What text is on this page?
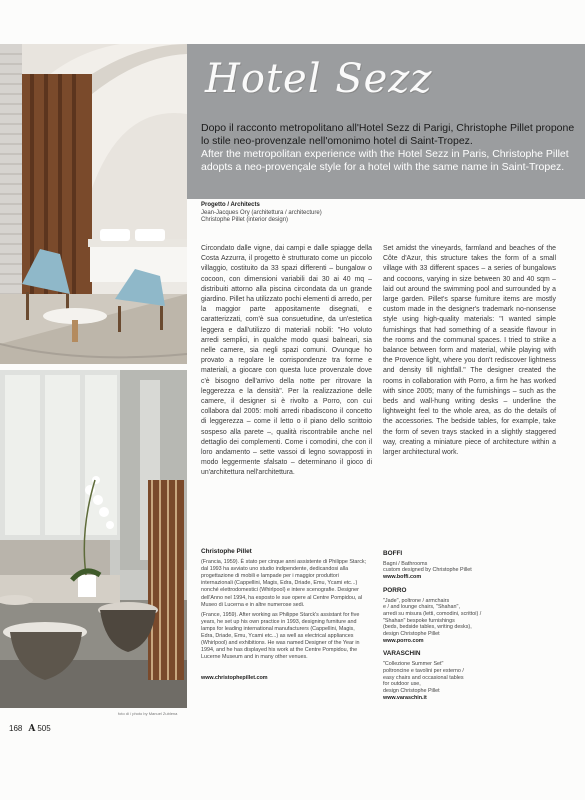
foto di / photo by Manuel Zublena
Hotel Sezz
Dopo il racconto metropolitano all'Hotel Sezz di Parigi, Christophe Pillet propone lo stile neo-provenzale nell'omonimo hotel di Saint-Tropez.
After the metropolitan experience with the Hotel Sezz in Paris, Christophe Pillet adopts a neo-provençale style for a hotel with the same name in Saint-Tropez.
Progetto / Architects
Jean-Jacques Ory (architettura / architecture)
Christophe Pillet (interior design)
Circondato dalle vigne, dai campi e dalle spiagge della Costa Azzurra, il progetto è strutturato come un piccolo villaggio, costituito da 33 spazi differenti – bungalow o cocoon, con dimensioni variabili dai 30 ai 40 mq – distribuiti attorno alla piscina circondata da un grande giardino. Pillet ha utilizzato pochi elementi di arredo, per la maggior parte appositamente disegnati, e caratterizzati, com'è sua consuetudine, da un'estetica leggera e dall'utilizzo di materiali nobili: "Ho voluto arredi semplici, in qualche modo quasi balneari, sia nelle camere, sia negli spazi comuni. Ovunque ho provato a regolare le corrispondenze tra forme e materiali, a giocare con questa luce provenzale dove c'è bisogno dell'arrivo della notte per ritrovare la leggerezza e la densità". Per la realizzazione delle camere, il designer si è rivolto a Porro, con cui collabora dal 2005: molti arredi ribadiscono il concetto di leggerezza – come il letto o il piano dello scrittoio sospeso alla parete –, qualità riscontrabile anche nel dettaglio dei complementi. Come i comodini, che con il loro andamento – sette vassoi di legno sovrapposti in modo leggermente sfalsato – determinano il gioco di un'architettura nell'architettura.
Set amidst the vineyards, farmland and beaches of the Côte d'Azur, this structure takes the form of a small village with 33 different spaces – a series of bungalows and cocoons, varying in size between 30 and 40 sqm – laid out around the swimming pool and surrounded by a large garden. Pillet's sparse furniture items are mostly custom made in the designer's trademark no-nonsense style using high-quality materials: "I wanted simple furnishings that had something of a seaside flavour in the rooms and the communal spaces. I tried to strike a balance between form and material, while playing with the Provence light, where you don't rediscover lightness and density till nightfall." The designer created the rooms in collaboration with Porro, a firm he has worked with since 2005; many of the furnishings – such as the beds and wall-hung writing desks – underline the lightweight feel to the whole area, as do the details of the accessories. The bedside tables, for example, take the form of seven trays stacked in a slightly staggered way, creating a miniature piece of architecture within a larger architectural work.
Christophe Pillet

(Francia, 1959). È stato per cinque anni assistente di Philippe Starck; dal 1993 ha avviato uno studio indipendente, dedicandosi alla progettazione di mobili e lampade per i maggior produttori internazionali (Cappellini, Magis, Edra, Driade, Emu, Ycami etc...) nonché elettrodomestici (Whirlpool) e intere scenografie. Designer dell'Anno nel 1994, ha esposto le sue opere al Centre Pompidou, al Museo di Lucerna e in altre numerose sedi.

(France, 1959). After working as Philippe Starck's assistant for five years, he set up his own practice in 1993, designing furniture and lamps for leading international manufacturers (Cappellini, Magis, Edra, Driade, Emu, Ycami etc...) as well as electrical appliances (Whirlpool) and exhibitions. He was named Designer of the Year in 1994, and he has displayed his work at the Centre Pompidou, the Lucerne Museum and in many other venues.

www.christophepillet.com
BOFFI
Bagni / Bathrooms
custom designed by Christophe Pillet
www.boffi.com
PORRO
"Jade", poltrone / armchairs
e / and lounge chairs, "Shahan",
arredi su misura (letti, comodini, scrittoi) /
"Shahan" bespoke furnishings
(beds, bedside tables, writing desks),
design Christophe Pillet
www.porro.com
VARASCHIN
"Collezione Summer Set"
poltroncine e tavolini per esterno /
easy chairs and occasional tables
for outdoor use,
design Christophe Pillet
www.varaschin.it
168 A 505
